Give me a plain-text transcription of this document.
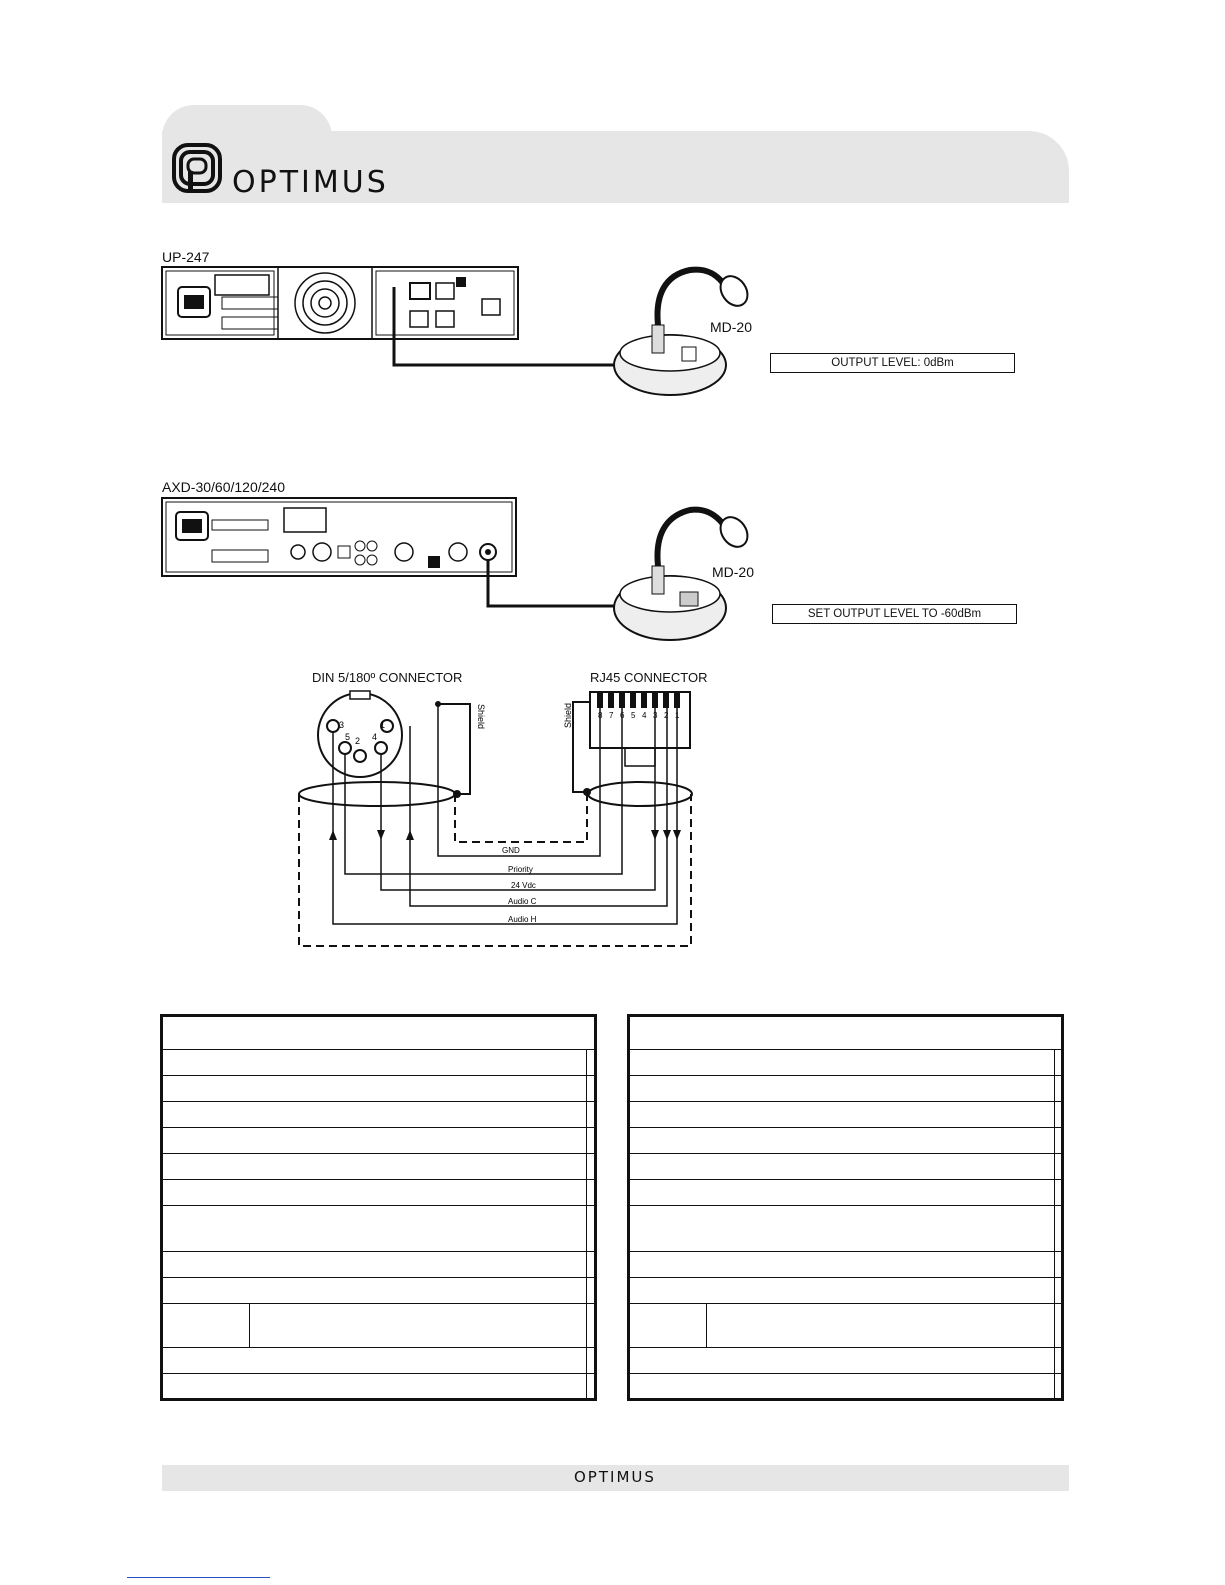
OPTIMUS
UP-247
MD-20
OUTPUT LEVEL: 0dBm
AXD-30/60/120/240
MD-20
SET OUTPUT LEVEL TO -60dBm
DIN 5/180º CONNECTOR	RJ45 CONNECTOR
3
5 2 4
1	Shield	Shield	8 7 6 5 4 3 2 1
GND
Priority
24 Vdc
Audio C
Audio H

OPTIMUS
